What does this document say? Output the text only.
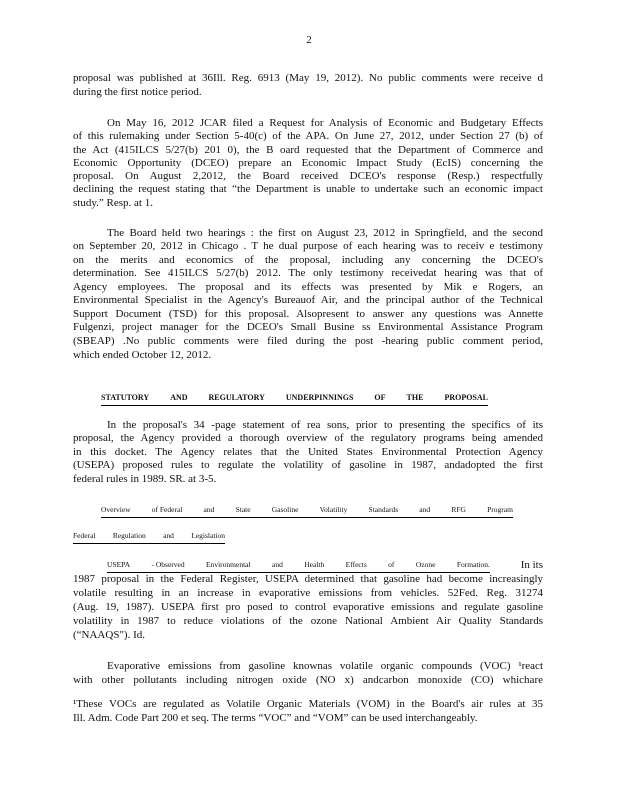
2
proposal was published at 36Ill. Reg. 6913 (May 19, 2012). No public comments were receive d
during the first notice period.
On May 16, 2012 JCAR filed a Request for Analysis of Economic and Budgetary Effects
of this rulemaking under Section 5-40(c) of the APA. On June 27, 2012, under Section 27 (b) of
the Act (415ILCS 5/27(b) 201 0), the B oard requested that the Department of Commerce and
Economic Opportunity (DCEO) prepare an Economic Impact Study (EcIS) concerning the
proposal. On August 2,2012, the Board received DCEO's response (Resp.) respectfully
declining the request stating that “the Department is unable to undertake such an economic impact
study.” Resp. at 1.
The Board held two hearings : the first on August 23, 2012 in Springfield, and the second
on September 20, 2012 in Chicago . T he dual purpose of each hearing was to receiv e testimony
on the merits and economics of the proposal, including any concerning the DCEO's
determination. See 415ILCS 5/27(b) 2012. The only testimony receivedat hearing was that of
Agency employees. The proposal and its effects was presented by Mik e Rogers, an
Environmental Specialist in the Agency's Bureauof Air, and the principal author of the Technical
Support Document (TSD) for this proposal. Alsopresent to answer any questions was Annette
Fulgenzi, project manager for the DCEO's Small Busine ss Environmental Assistance Program
(SBEAP) .No public comments were filed during the post -hearing public comment period,
which ended October 12, 2012.
STATUTORY	AND	REGULATORY	UNDERPINNINGS	OF	THE	PROPOSAL
In the proposal's 34 -page statement of rea sons, prior to presenting the specifics of its
proposal, the Agency provided a thorough overview of the regulatory programs being amended
in this docket. The Agency relates that the United States Environmental Protection Agency
(USEPA) proposed rules to regulate the volatility of gasoline in 1987, andadopted the first
federal rules in 1989. SR. at 3-5.
Overview	of Federal	and	State	Gasoline	Volatility	Standards	and	RFG	Program
Federal Regulation and Legislation
USEPA	- Observed	Environmental	and	Health	Effects	of	Ozone	Formation.	In its
1987 proposal in the Federal Register, USEPA determined that gasoline had become increasingly
volatile resulting in an increase in evaporative emissions from vehicles. 52Fed. Reg. 31274
(Aug. 19, 1987). USEPA first pro posed to control evaporative emissions and regulate gasoline
volatility in 1987 to reduce violations of the ozone National Ambient Air Quality Standards
(“NAAQS"). Id.
Evaporative emissions from gasoline knownas volatile organic compounds (VOC) ¹react
with other pollutants including nitrogen oxide (NO x) andcarbon monoxide (CO) whichare
¹These VOCs are regulated as Volatile Organic Materials (VOM) in the Board's air rules at 35
Ill. Adm. Code Part 200 et seq. The terms “VOC” and “VOM” can be used interchangeably.
